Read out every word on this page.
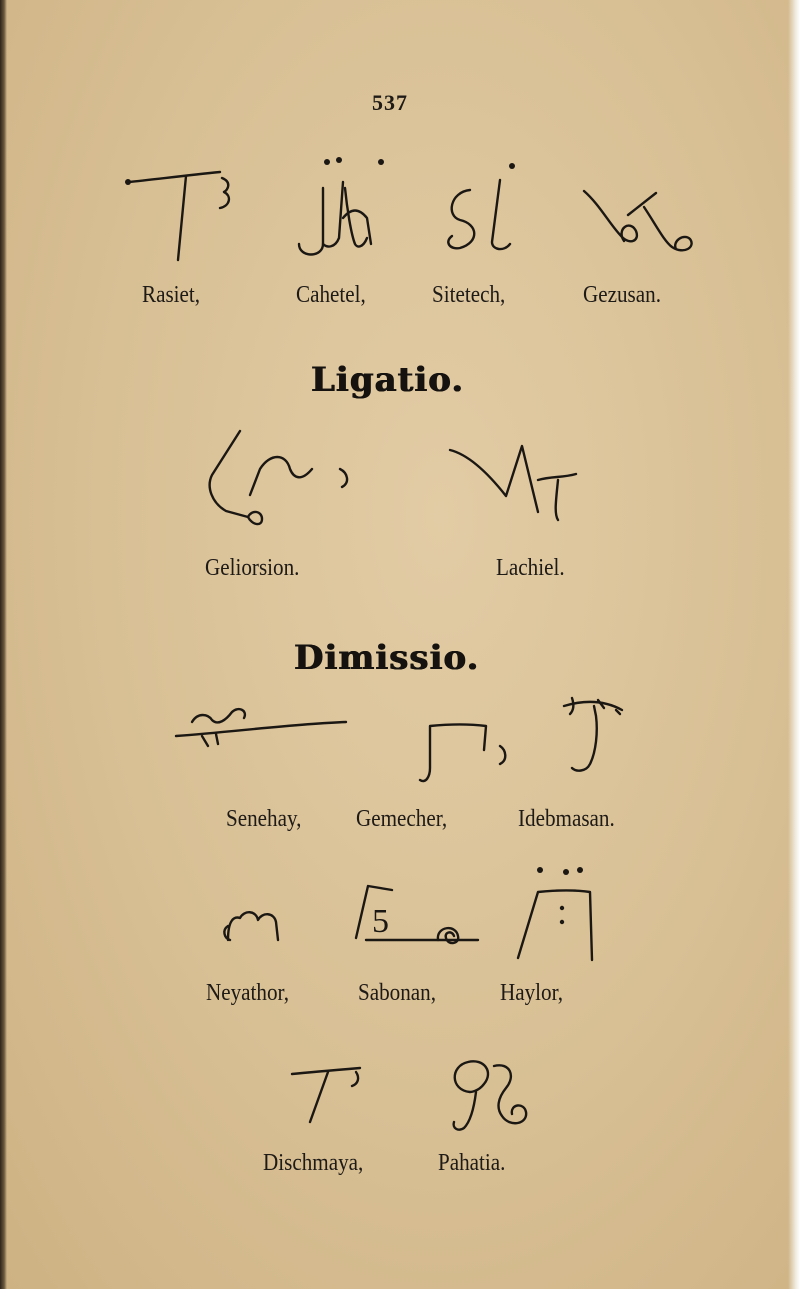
537
Rasiet,	Cahetel,	Sitetech,	Gezusan.
Ligatio.
Geliorsion.	Lachiel.
Dimissio.
Senehay, Gemecher,	Idebmasan.
5
Neyathor,	Sabonan,	Haylor,
Dischmaya,	Pahatia.
